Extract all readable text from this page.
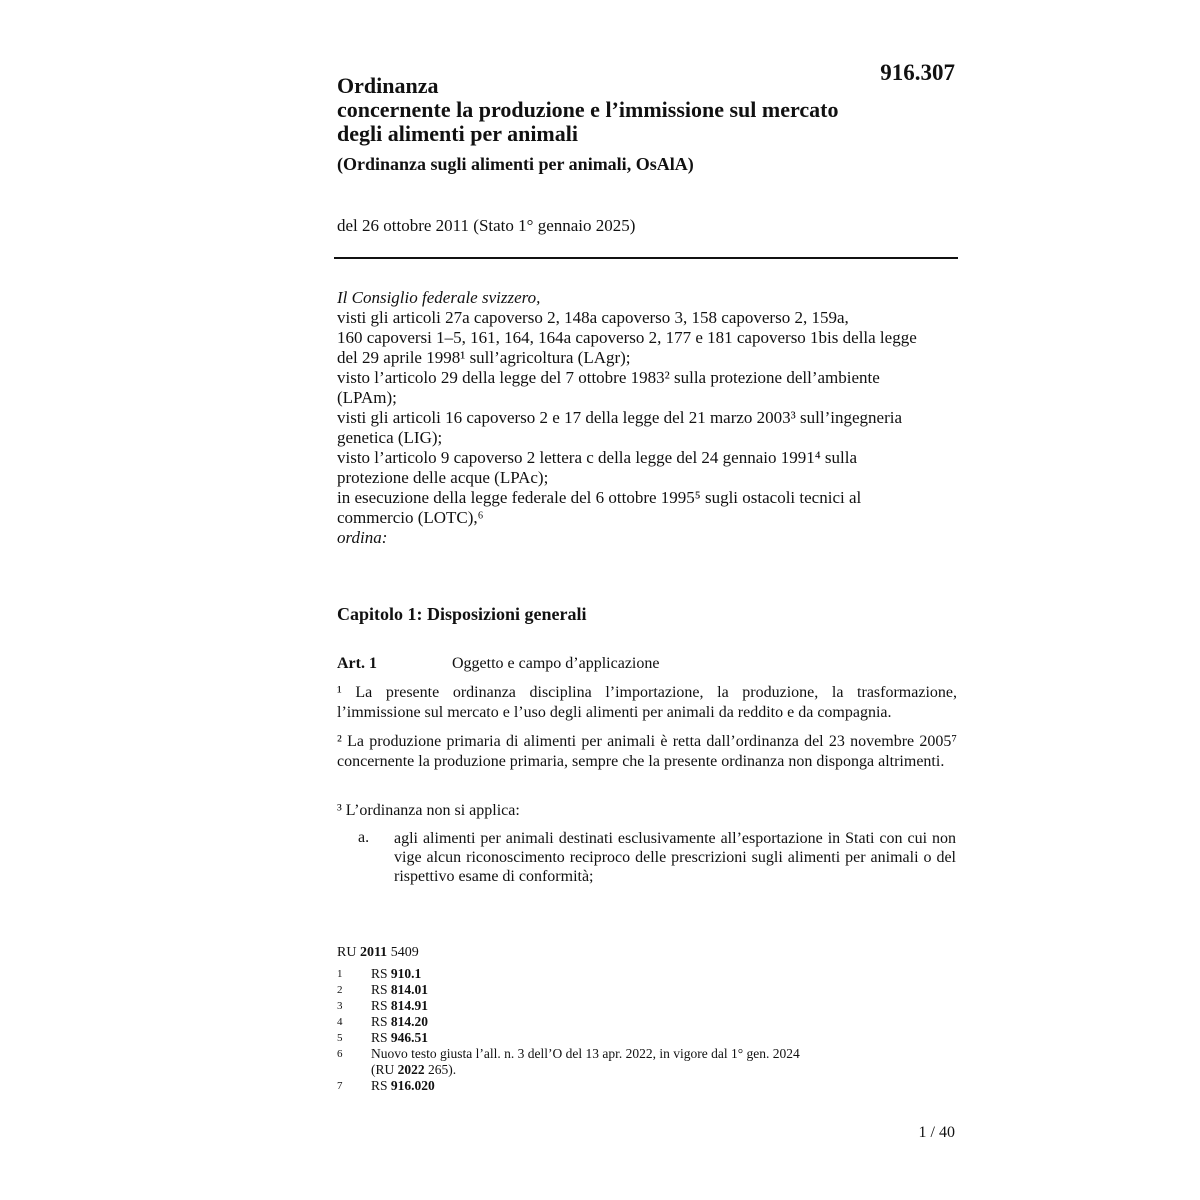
916.307
Ordinanza
concernente la produzione e l’immissione sul mercato
degli alimenti per animali
(Ordinanza sugli alimenti per animali, OsAlA)
del 26 ottobre 2011 (Stato 1° gennaio 2025)
Il Consiglio federale svizzero,
visti gli articoli 27a capoverso 2, 148a capoverso 3, 158 capoverso 2, 159a,
160 capoversi 1–5, 161, 164, 164a capoverso 2, 177 e 181 capoverso 1bis della legge
del 29 aprile 1998¹ sull’agricoltura (LAgr);
visto l’articolo 29 della legge del 7 ottobre 1983² sulla protezione dell’ambiente
(LPAm);
visti gli articoli 16 capoverso 2 e 17 della legge del 21 marzo 2003³ sull’ingegneria
genetica (LIG);
visto l’articolo 9 capoverso 2 lettera c della legge del 24 gennaio 1991⁴ sulla
protezione delle acque (LPAc);
in esecuzione della legge federale del 6 ottobre 1995⁵ sugli ostacoli tecnici al
commercio (LOTC),⁶
ordina:
Capitolo 1: Disposizioni generali
Art. 1	Oggetto e campo d’applicazione
¹ La presente ordinanza disciplina l’importazione, la produzione, la trasformazione, l’immissione sul mercato e l’uso degli alimenti per animali da reddito e da compagnia.
² La produzione primaria di alimenti per animali è retta dall’ordinanza del 23 novembre 2005⁷ concernente la produzione primaria, sempre che la presente ordinanza non disponga altrimenti.
³ L’ordinanza non si applica:
a. agli alimenti per animali destinati esclusivamente all’esportazione in Stati con cui non vige alcun riconoscimento reciproco delle prescrizioni sugli alimenti per animali o del rispettivo esame di conformità;
RU 2011 5409
1	RS 910.1
2	RS 814.01
3	RS 814.91
4	RS 814.20
5	RS 946.51
6	Nuovo testo giusta l’all. n. 3 dell’O del 13 apr. 2022, in vigore dal 1° gen. 2024
(RU 2022 265).
7	RS 916.020
1 / 40
